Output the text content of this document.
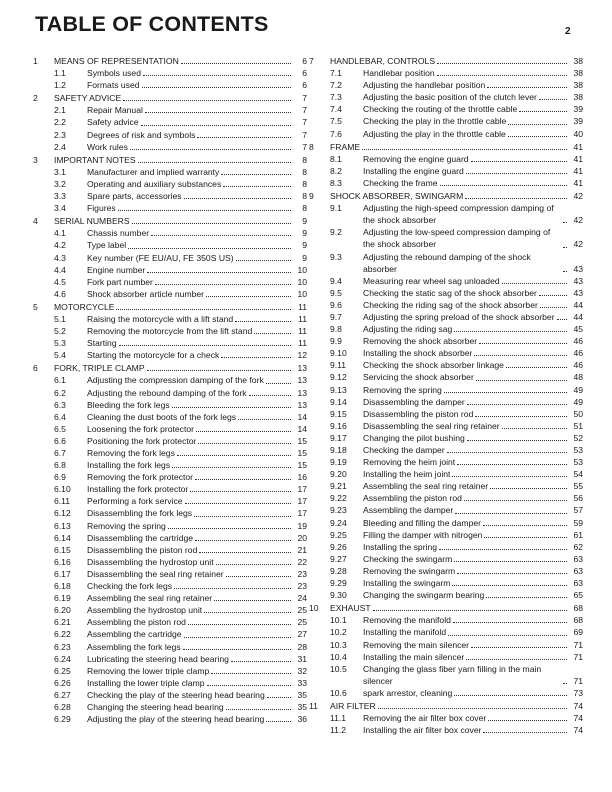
TABLE OF CONTENTS	2
1	MEANS OF REPRESENTATION	6
1.1	Symbols used	6
1.2	Formats used	6
2	SAFETY ADVICE	7
2.1	Repair Manual	7
2.2	Safety advice	7
2.3	Degrees of risk and symbols	7
2.4	Work rules	7
3	IMPORTANT NOTES	8
3.1	Manufacturer and implied warranty	8
3.2	Operating and auxiliary substances	8
3.3	Spare parts, accessories	8
3.4	Figures	8
4	SERIAL NUMBERS	9
4.1	Chassis number	9
4.2	Type label	9
4.3	Key number (FE EU/AU, FE 350S US)	9
4.4	Engine number	10
4.5	Fork part number	10
4.6	Shock absorber article number	10
5	MOTORCYCLE	11
5.1	Raising the motorcycle with a lift stand	11
5.2	Removing the motorcycle from the lift stand	11
5.3	Starting	11
5.4	Starting the motorcycle for a check	12
6	FORK, TRIPLE CLAMP	13
6.1	Adjusting the compression damping of the fork	13
6.2	Adjusting the rebound damping of the fork	13
6.3	Bleeding the fork legs	13
6.4	Cleaning the dust boots of the fork legs	14
6.5	Loosening the fork protector	14
6.6	Positioning the fork protector	15
6.7	Removing the fork legs	15
6.8	Installing the fork legs	15
6.9	Removing the fork protector	16
6.10	Installing the fork protector	17
6.11	Performing a fork service	17
6.12	Disassembling the fork legs	17
6.13	Removing the spring	19
6.14	Disassembling the cartridge	20
6.15	Disassembling the piston rod	21
6.16	Disassembling the hydrostop unit	22
6.17	Disassembling the seal ring retainer	23
6.18	Checking the fork legs	23
6.19	Assembling the seal ring retainer	24
6.20	Assembling the hydrostop unit	25
6.21	Assembling the piston rod	25
6.22	Assembling the cartridge	27
6.23	Assembling the fork legs	28
6.24	Lubricating the steering head bearing	31
6.25	Removing the lower triple clamp	32
6.26	Installing the lower triple clamp	33
6.27	Checking the play of the steering head bearing	35
6.28	Changing the steering head bearing	35
6.29	Adjusting the play of the steering head bearing	36
7	HANDLEBAR, CONTROLS	38
7.1	Handlebar position	38
7.2	Adjusting the handlebar position	38
7.3	Adjusting the basic position of the clutch lever	38
7.4	Checking the routing of the throttle cable	39
7.5	Checking the play in the throttle cable	39
7.6	Adjusting the play in the throttle cable	40
8	FRAME	41
8.1	Removing the engine guard	41
8.2	Installing the engine guard	41
8.3	Checking the frame	41
9	SHOCK ABSORBER, SWINGARM	42
9.1	Adjusting the high-speed compression damping of the shock absorber	42
9.2	Adjusting the low-speed compression damping of the shock absorber	42
9.3	Adjusting the rebound damping of the shock absorber	43
9.4	Measuring rear wheel sag unloaded	43
9.5	Checking the static sag of the shock absorber	43
9.6	Checking the riding sag of the shock absorber	44
9.7	Adjusting the spring preload of the shock absorber	44
9.8	Adjusting the riding sag	45
9.9	Removing the shock absorber	46
9.10	Installing the shock absorber	46
9.11	Checking the shock absorber linkage	46
9.12	Servicing the shock absorber	48
9.13	Removing the spring	49
9.14	Disassembling the damper	49
9.15	Disassembling the piston rod	50
9.16	Disassembling the seal ring retainer	51
9.17	Changing the pilot bushing	52
9.18	Checking the damper	53
9.19	Removing the heim joint	53
9.20	Installing the heim joint	54
9.21	Assembling the seal ring retainer	55
9.22	Assembling the piston rod	56
9.23	Assembling the damper	57
9.24	Bleeding and filling the damper	59
9.25	Filling the damper with nitrogen	61
9.26	Installing the spring	62
9.27	Checking the swingarm	63
9.28	Removing the swingarm	63
9.29	Installing the swingarm	63
9.30	Changing the swingarm bearing	65
10	EXHAUST	68
10.1	Removing the manifold	68
10.2	Installing the manifold	69
10.3	Removing the main silencer	71
10.4	Installing the main silencer	71
10.5	Changing the glass fiber yarn filling in the main silencer	71
10.6	spark arrestor, cleaning	73
11	AIR FILTER	74
11.1	Removing the air filter box cover	74
11.2	Installing the air filter box cover	74
